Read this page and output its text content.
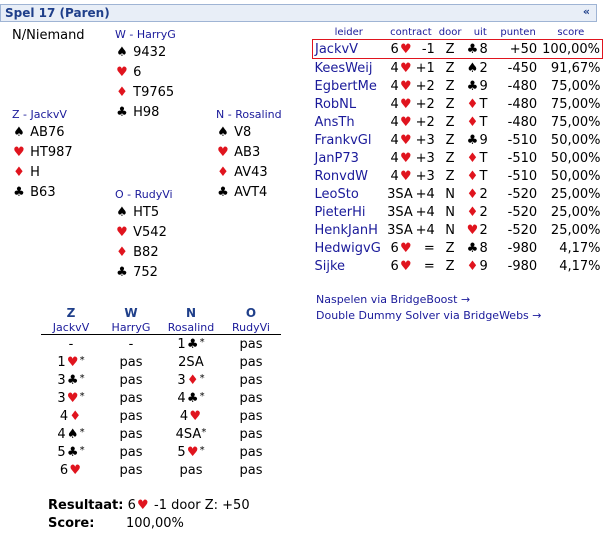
Spel 17 (Paren)	«
N/Niemand	W - HarryG
♠ 9432
♥ 6
♦ T9765
♣ H98
Z - JackvV
♠ AB76
♥ HT987
♦ H
♣ B63
N - Rosalind
♠ V8
♥ AB3
♦ AV43
♣ AVT4
O - RudyVi
♠ HT5
♥ V542
♦ B82
♣ 752
leider	contract	door	uit	punten	score
JackvV	6♥ -1	Z	♣8	+50	100,00%
KeesWeij	4♥ +1	Z	♠2	-450	91,67%
EgbertMe	4♥ +2	Z	♣9	-480	75,00%
RobNL	4♥ +2	Z	♦T	-480	75,00%
AnsTh	4♥ +2	Z	♦T	-480	75,00%
FrankvGl	4♥ +3	Z	♣9	-510	50,00%
JanP73	4♥ +3	Z	♦T	-510	50,00%
RonvdW	4♥ +3	Z	♦T	-510	50,00%
LeoSto	3SA +4	N	♦2	-520	25,00%
PieterHi	3SA +4	N	♦2	-520	25,00%
HenkJanH	3SA +4	N	♥2	-520	25,00%
HedwigvG	6♥ =	Z	♣8	-980	4,17%
Sijke	6♥ =	Z	♦9	-980	4,17%
Naspelen via BridgeBoost →
Double Dummy Solver via BridgeWebs →
Z	W	N	O
JackvV	HarryG	Rosalind	RudyVi
-	-	1♣*	pas
1♥*	pas	2SA	pas
3♣*	pas	3♦*	pas
3♥*	pas	4♣*	pas
4♦	pas	4♥	pas
4♠*	pas	4SA*	pas
5♣*	pas	5♥*	pas
6♥	pas	pas	pas
Resultaat: 6♥ -1 door Z: +50
Score: 100,00%
